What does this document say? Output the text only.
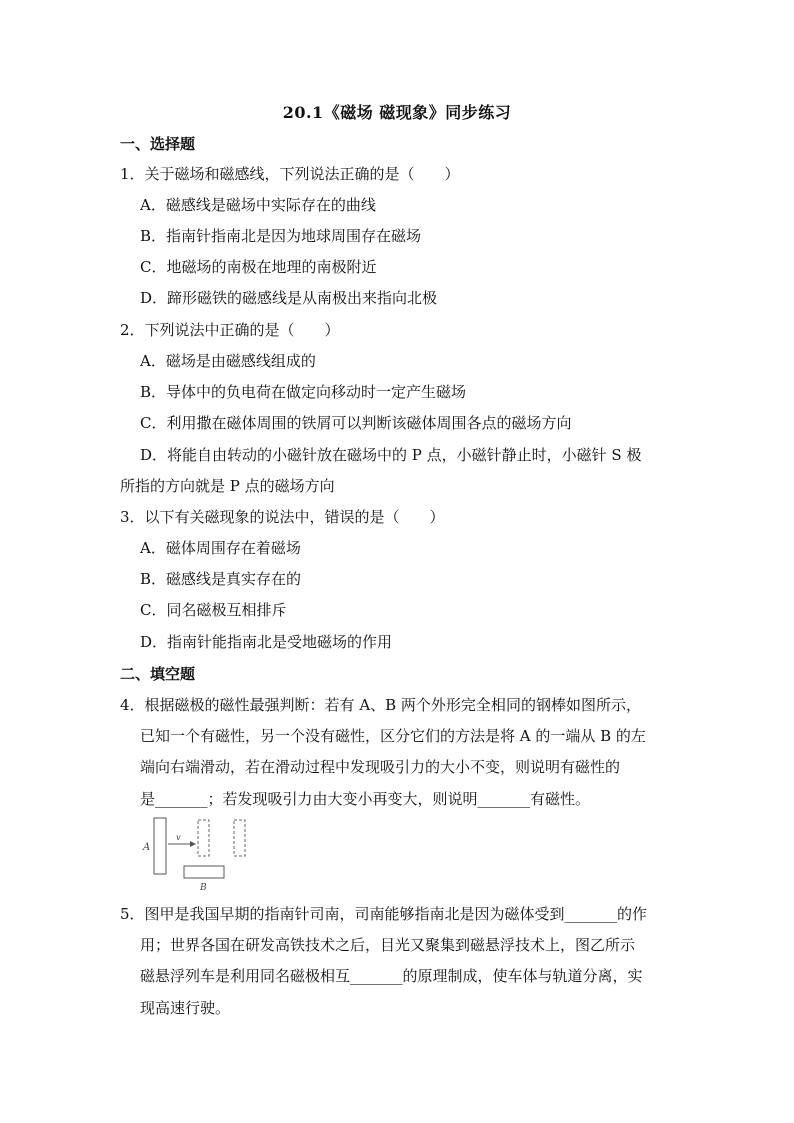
20.1《磁场 磁现象》同步练习
一、选择题
1．关于磁场和磁感线，下列说法正确的是（　　）
A．磁感线是磁场中实际存在的曲线
B．指南针指南北是因为地球周围存在磁场
C．地磁场的南极在地理的南极附近
D．蹄形磁铁的磁感线是从南极出来指向北极
2．下列说法中正确的是（　　）
A．磁场是由磁感线组成的
B．导体中的负电荷在做定向移动时一定产生磁场
C．利用撒在磁体周围的铁屑可以判断该磁体周围各点的磁场方向
D．将能自由转动的小磁针放在磁场中的 P 点，小磁针静止时，小磁针 S 极
所指的方向就是 P 点的磁场方向
3．以下有关磁现象的说法中，错误的是（　　）
A．磁体周围存在着磁场
B．磁感线是真实存在的
C．同名磁极互相排斥
D．指南针能指南北是受地磁场的作用
二、填空题
4．根据磁极的磁性最强判断：若有 A、B 两个外形完全相同的钢棒如图所示，
已知一个有磁性，另一个没有磁性，区分它们的方法是将 A 的一端从 B 的左
端向右端滑动，若在滑动过程中发现吸引力的大小不变，则说明有磁性的
是_______；若发现吸引力由大变小再变大，则说明_______有磁性。
A
v
B
5．图甲是我国早期的指南针司南，司南能够指南北是因为磁体受到_______的作
用；世界各国在研发高铁技术之后，目光又聚集到磁悬浮技术上，图乙所示
磁悬浮列车是利用同名磁极相互_______的原理制成，使车体与轨道分离，实
现高速行驶。
